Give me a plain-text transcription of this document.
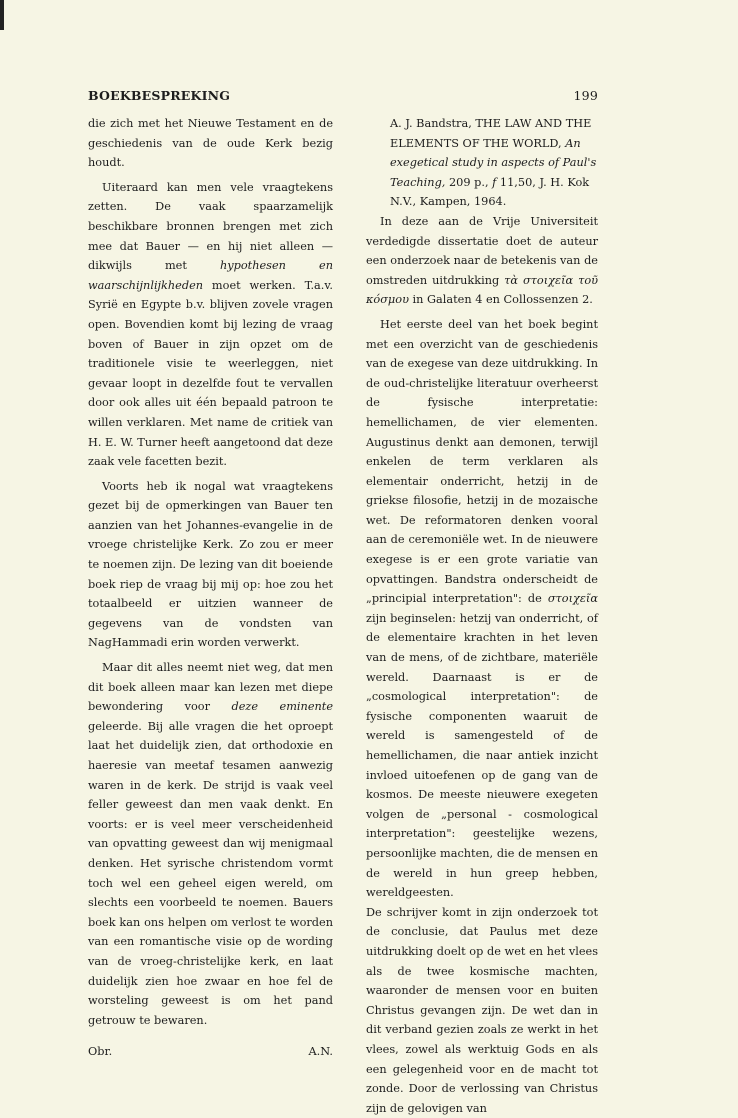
BOEKBESPREKING	199

die zich met het Nieuwe Testament en de geschiedenis van de oude Kerk bezig houdt.

Uiteraard kan men vele vraagtekens zetten. De vaak spaarzamelijk beschikbare bronnen brengen met zich mee dat Bauer — en hij niet alleen — dikwijls met hypothesen en waarschijnlijkheden moet werken. T.a.v. Syrië en Egypte b.v. blijven zovele vragen open. Bovendien komt bij lezing de vraag boven of Bauer in zijn opzet om de traditionele visie te weerleggen, niet gevaar loopt in dezelfde fout te vervallen door ook alles uit één bepaald patroon te willen verklaren. Met name de critiek van H. E. W. Turner heeft aangetoond dat deze zaak vele facetten bezit.

Voorts heb ik nogal wat vraagtekens gezet bij de opmerkingen van Bauer ten aanzien van het Johannes-evangelie in de vroege christelijke Kerk. Zo zou er meer te noemen zijn. De lezing van dit boeiende boek riep de vraag bij mij op: hoe zou het totaalbeeld er uitzien wanneer de gegevens van de vondsten van NagHammadi erin worden verwerkt.

Maar dit alles neemt niet weg, dat men dit boek alleen maar kan lezen met diepe bewondering voor deze eminente geleerde. Bij alle vragen die het oproept laat het duidelijk zien, dat orthodoxie en haeresie van meetaf tesamen aanwezig waren in de kerk. De strijd is vaak veel feller geweest dan men vaak denkt. En voorts: er is veel meer verscheidenheid van opvatting geweest dan wij menigmaal denken. Het syrische christendom vormt toch wel een geheel eigen wereld, om slechts een voorbeeld te noemen. Bauers boek kan ons helpen om verlost te worden van een romantische visie op de wording van de vroeg-christelijke kerk, en laat duidelijk zien hoe zwaar en hoe fel de worsteling geweest is om het pand getrouw te bewaren.

Obr.	A.N.

A. J. Bandstra, THE LAW AND THE ELEMENTS OF THE WORLD, An exegetical study in aspects of Paul's Teaching, 209 p., f 11,50, J. H. Kok N.V., Kampen, 1964.

In deze aan de Vrije Universiteit verdedigde dissertatie doet de auteur een onderzoek naar de betekenis van de omstreden uitdrukking τὰ στοιχεῖα τοῦ κόσμου in Galaten 4 en Collossenzen 2.

Het eerste deel van het boek begint met een overzicht van de geschiedenis van de exegese van deze uitdrukking. In de oud-christelijke literatuur overheerst de fysische interpretatie: hemellichamen, de vier elementen. Augustinus denkt aan demonen, terwijl enkelen de term verklaren als elementair onderricht, hetzij in de griekse filosofie, hetzij in de mozaische wet. De reformatoren denken vooral aan de ceremoniële wet. In de nieuwere exegese is er een grote variatie van opvattingen. Bandstra onderscheidt de „principial interpretation": de στοιχεῖα zijn beginselen: hetzij van onderricht, of de elementaire krachten in het leven van de mens, of de zichtbare, materiële wereld. Daarnaast is er de „cosmological interpretation": de fysische componenten waaruit de wereld is samengesteld of de hemellichamen, die naar antiek inzicht invloed uitoefenen op de gang van de kosmos. De meeste nieuwere exegeten volgen de „personal - cosmological interpretation": geestelijke wezens, persoonlijke machten, die de mensen en de wereld in hun greep hebben, wereldgeesten.

De schrijver komt in zijn onderzoek tot de conclusie, dat Paulus met deze uitdrukking doelt op de wet en het vlees als de twee kosmische machten, waaronder de mensen voor en buiten Christus gevangen zijn. De wet dan in dit verband gezien zoals ze werkt in het vlees, zowel als werktuig Gods en als een gelegenheid voor en de macht tot zonde. Door de verlossing van Christus zijn de gelovigen van
